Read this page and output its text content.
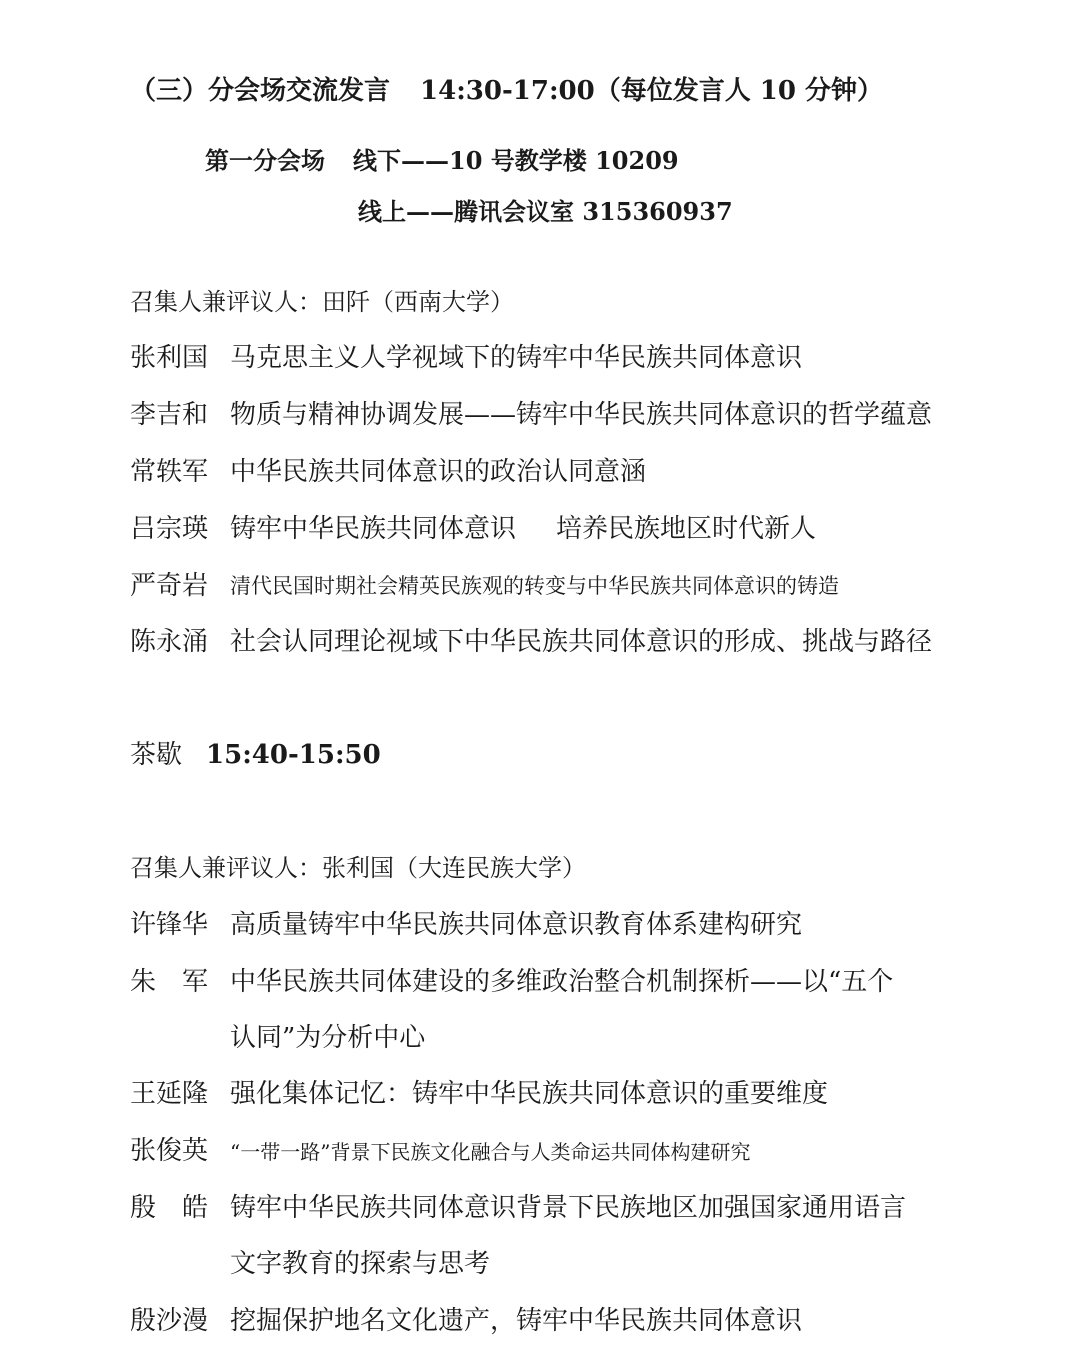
（三）分会场交流发言 14:30-17:00（每位发言人 10 分钟）
第一分会场 线下——10 号教学楼 10209
线上——腾讯会议室 315360937
召集人兼评议人：田阡（西南大学）
张利国 马克思主义人学视域下的铸牢中华民族共同体意识
李吉和 物质与精神协调发展——铸牢中华民族共同体意识的哲学蕴意
常轶军 中华民族共同体意识的政治认同意涵
吕宗瑛 铸牢中华民族共同体意识 培养民族地区时代新人
严奇岩 清代民国时期社会精英民族观的转变与中华民族共同体意识的铸造
陈永涌 社会认同理论视域下中华民族共同体意识的形成、挑战与路径
茶歇 15:40-15:50
召集人兼评议人：张利国（大连民族大学）
许锋华 高质量铸牢中华民族共同体意识教育体系建构研究
朱　军 中华民族共同体建设的多维政治整合机制探析——以“五个
认同”为分析中心
王延隆 强化集体记忆：铸牢中华民族共同体意识的重要维度
张俊英 “一带一路”背景下民族文化融合与人类命运共同体构建研究
殷　皓 铸牢中华民族共同体意识背景下民族地区加强国家通用语言
文字教育的探索与思考
殷沙漫 挖掘保护地名文化遗产，铸牢中华民族共同体意识
